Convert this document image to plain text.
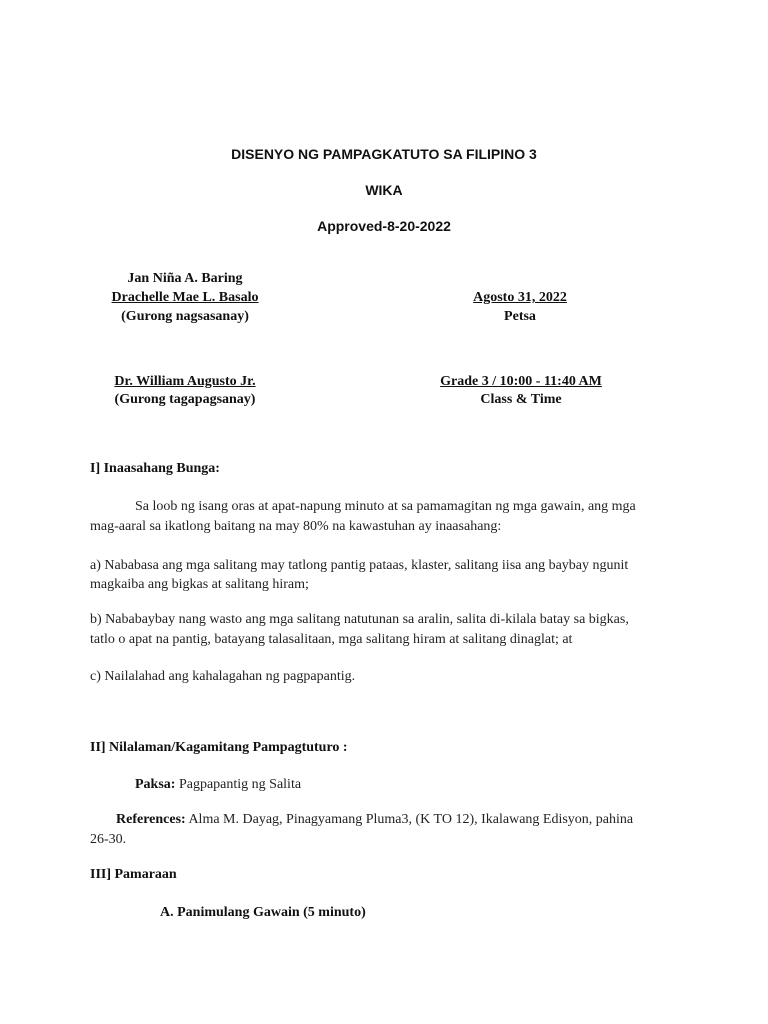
DISENYO NG PAMPAGKATUTO SA FILIPINO 3
WIKA
Approved-8-20-2022
Jan Niña A. Baring
Drachelle Mae L. Basalo
(Gurong nagsasanay)
Agosto 31, 2022
Petsa
Dr. William Augusto Jr.
(Gurong tagapagsanay)
Grade 3 / 10:00 - 11:40 AM
Class & Time
I] Inaasahang Bunga:
Sa loob ng isang oras at apat-napung minuto at sa pamamagitan ng mga gawain, ang mga
mag-aaral sa ikatlong baitang na may 80% na kawastuhan ay inaasahang:
a) Nababasa ang mga salitang may tatlong pantig pataas, klaster, salitang iisa ang baybay ngunit
magkaiba ang bigkas at salitang hiram;
b) Nababaybay nang wasto ang mga salitang natutunan sa aralin, salita di-kilala batay sa bigkas,
tatlo o apat na pantig, batayang talasalitaan, mga salitang hiram at salitang dinaglat; at
c) Nailalahad ang kahalagahan ng pagpapantig.
II] Nilalaman/Kagamitang Pampagtuturo :
Paksa: Pagpapantig ng Salita
References: Alma M. Dayag, Pinagyamang Pluma3, (K TO 12), Ikalawang Edisyon, pahina
26-30.
III] Pamaraan
A. Panimulang Gawain (5 minuto)
